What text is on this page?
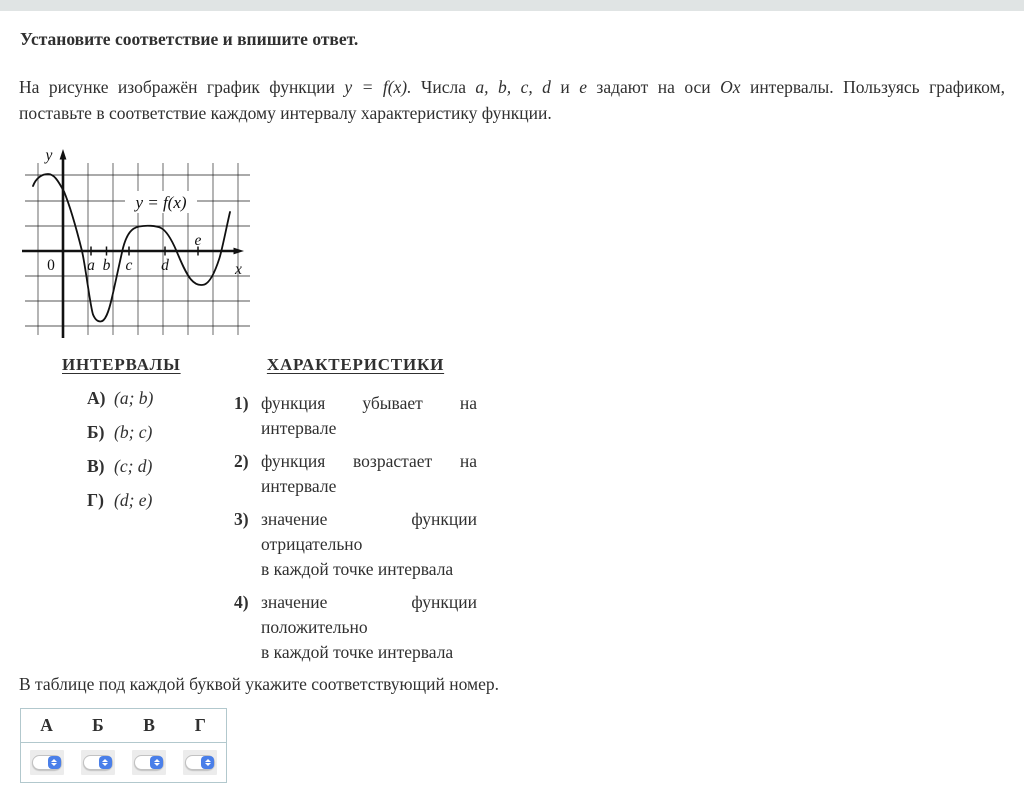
Установите соответствие и впишите ответ.
На рисунке изображён график функции y = f(x). Числа a, b, c, d и e задают на оси Ox интервалы. Пользуясь графиком,
поставьте в соответствие каждому интервалу характеристику функции.
y
x
0 a b c d
e
y = f(x)
ИНТЕРВАЛЫ
А) (a; b)
Б) (b; c)
В) (c; d)
Г) (d; e)
ХАРАКТЕРИСТИКИ
1) функция убывает на
интервале
2) функция возрастает на
интервале
3) значение функции
отрицательно
в каждой точке интервала
4) значение функции
положительно
в каждой точке интервала
В таблице под каждой буквой укажите соответствующий номер.
А	Б	В	Г
